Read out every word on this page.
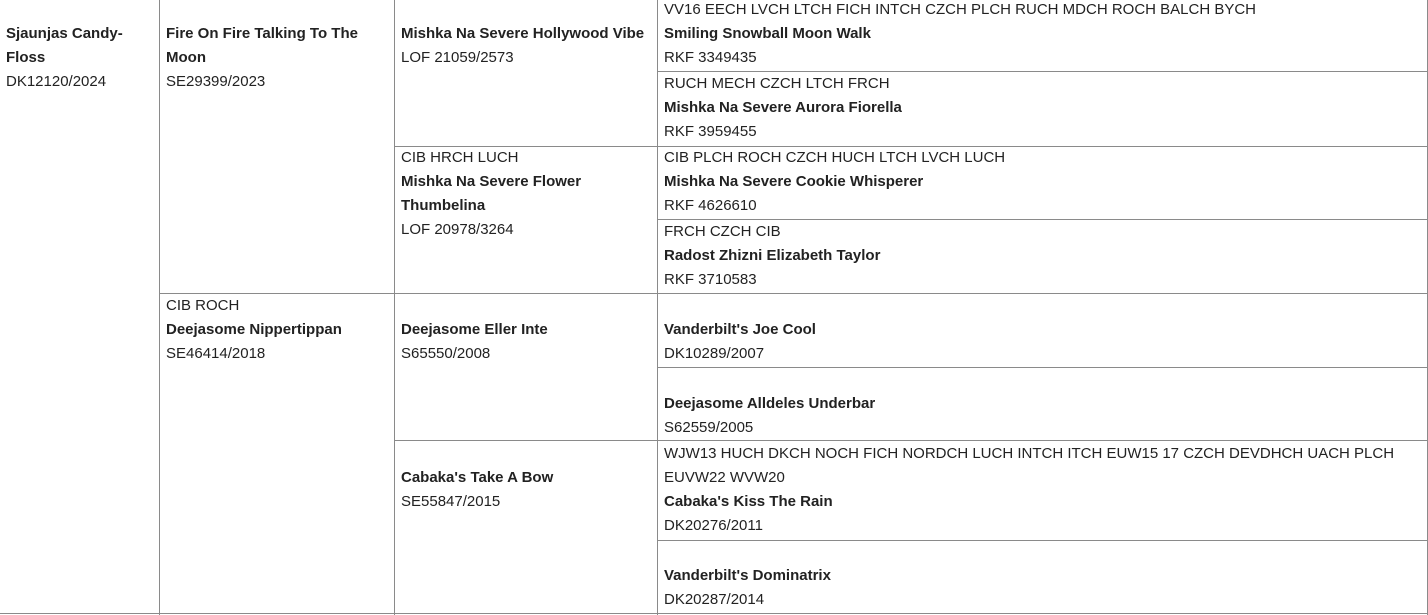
Sjaunjas Candy-Floss
DK12120/2024
Fire On Fire Talking To The Moon
SE29399/2023
CIB ROCH
Deejasome Nippertippan
SE46414/2018
Mishka Na Severe Hollywood Vibe
LOF 21059/2573
CIB HRCH LUCH
Mishka Na Severe Flower Thumbelina
LOF 20978/3264
Deejasome Eller Inte
S65550/2008
Cabaka's Take A Bow
SE55847/2015
VV16 EECH LVCH LTCH FICH INTCH CZCH PLCH RUCH MDCH ROCH BALCH BYCH
Smiling Snowball Moon Walk
RKF 3349435
RUCH MECH CZCH LTCH FRCH
Mishka Na Severe Aurora Fiorella
RKF 3959455
CIB PLCH ROCH CZCH HUCH LTCH LVCH LUCH
Mishka Na Severe Cookie Whisperer
RKF 4626610
FRCH CZCH CIB
Radost Zhizni Elizabeth Taylor
RKF 3710583
Vanderbilt's Joe Cool
DK10289/2007
Deejasome Alldeles Underbar
S62559/2005
WJW13 HUCH DKCH NOCH FICH NORDCH LUCH INTCH ITCH EUW15 17 CZCH DEVDHCH UACH PLCH EUVW22 WVW20
Cabaka's Kiss The Rain
DK20276/2011
Vanderbilt's Dominatrix
DK20287/2014
